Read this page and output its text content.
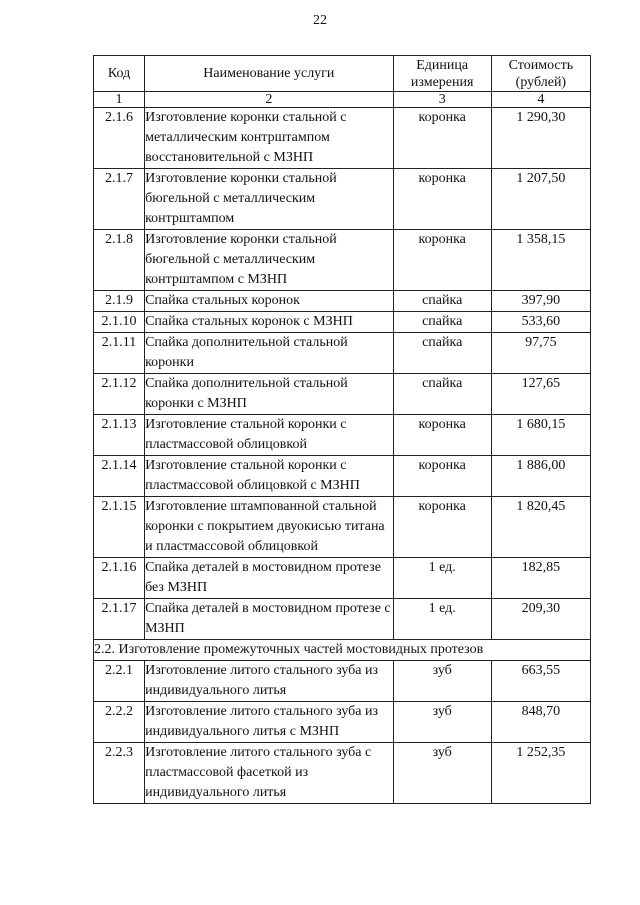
22
Код	Наименование услуги	Единица измерения	Стоимость (рублей)
1	2	3	4
2.1.6	Изготовление коронки стальной с металлическим контрштампом восстановительной с МЗНП	коронка	1 290,30
2.1.7	Изготовление коронки стальной бюгельной с металлическим контрштампом	коронка	1 207,50
2.1.8	Изготовление коронки стальной бюгельной с металлическим контрштампом с МЗНП	коронка	1 358,15
2.1.9	Спайка стальных коронок	спайка	397,90
2.1.10	Спайка стальных коронок с МЗНП	спайка	533,60
2.1.11	Спайка дополнительной стальной коронки	спайка	97,75
2.1.12	Спайка дополнительной стальной коронки с МЗНП	спайка	127,65
2.1.13	Изготовление стальной коронки с пластмассовой облицовкой	коронка	1 680,15
2.1.14	Изготовление стальной коронки с пластмассовой облицовкой с МЗНП	коронка	1 886,00
2.1.15	Изготовление штампованной стальной коронки с покрытием двуокисью титана и пластмассовой облицовкой	коронка	1 820,45
2.1.16	Спайка деталей в мостовидном протезе без МЗНП	1 ед.	182,85
2.1.17	Спайка деталей в мостовидном протезе с МЗНП	1 ед.	209,30
2.2. Изготовление промежуточных частей мостовидных протезов			
2.2.1	Изготовление литого стального зуба из индивидуального литья	зуб	663,55
2.2.2	Изготовление литого стального зуба из индивидуального литья с МЗНП	зуб	848,70
2.2.3	Изготовление литого стального зуба с пластмассовой фасеткой из индивидуального литья	зуб	1 252,35
